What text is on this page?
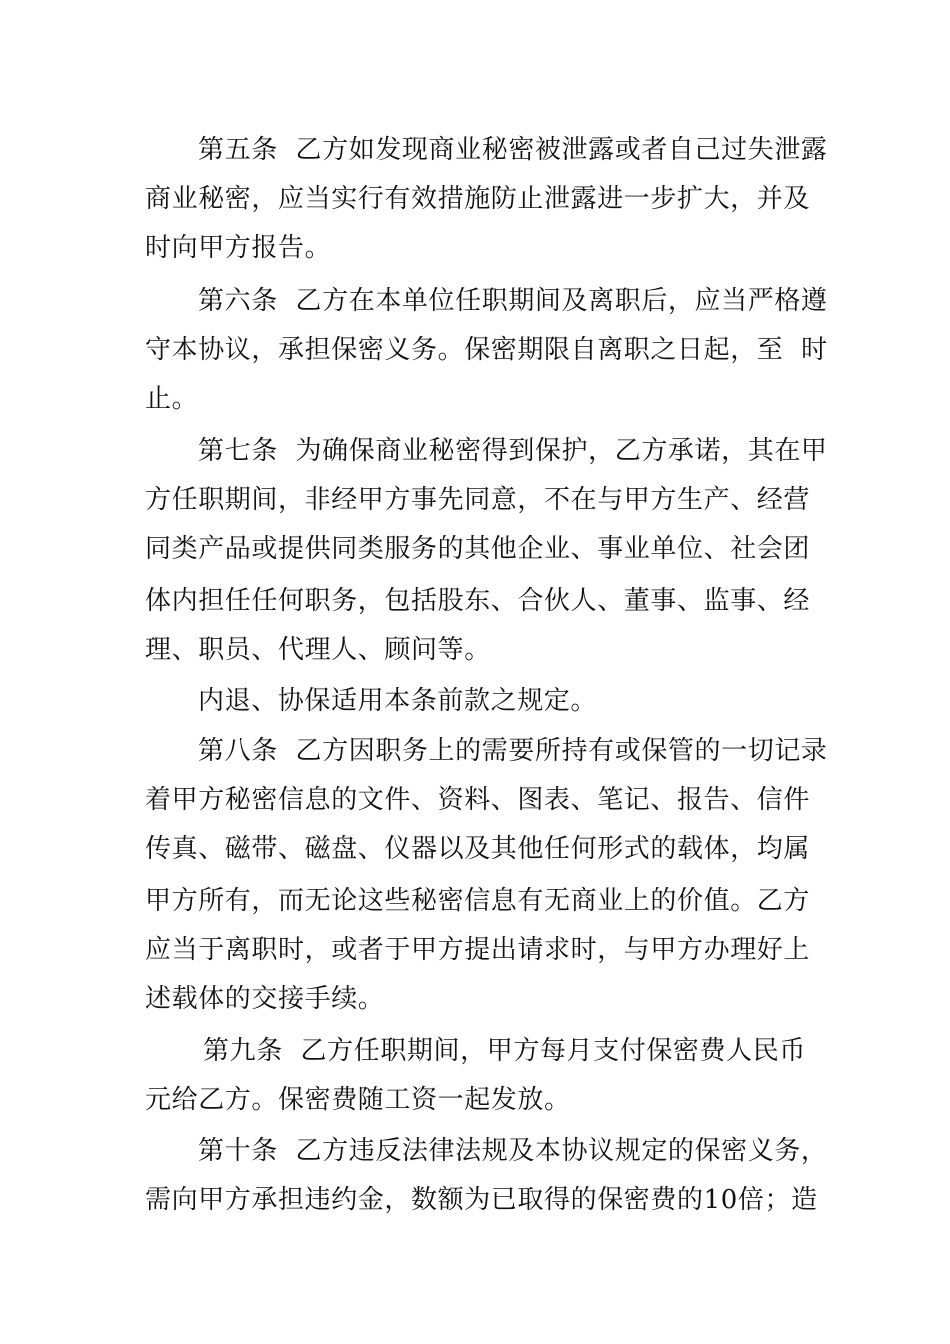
第五条  乙方如发现商业秘密被泄露或者自己过失泄露
商业秘密，应当实行有效措施防止泄露进一步扩大，并及
时向甲方报告。
第六条  乙方在本单位任职期间及离职后，应当严格遵
守本协议，承担保密义务。保密期限自离职之日起，至  时
止。
第七条  为确保商业秘密得到保护，乙方承诺，其在甲
方任职期间，非经甲方事先同意，不在与甲方生产、经营
同类产品或提供同类服务的其他企业、事业单位、社会团
体内担任任何职务，包括股东、合伙人、董事、监事、经
理、职员、代理人、顾问等。
内退、协保适用本条前款之规定。
第八条  乙方因职务上的需要所持有或保管的一切记录
着甲方秘密信息的文件、资料、图表、笔记、报告、信件
传真、磁带、磁盘、仪器以及其他任何形式的载体，均属
甲方所有，而无论这些秘密信息有无商业上的价值。乙方
应当于离职时，或者于甲方提出请求时，与甲方办理好上
述载体的交接手续。
第九条  乙方任职期间，甲方每月支付保密费人民币
元给乙方。保密费随工资一起发放。
第十条  乙方违反法律法规及本协议规定的保密义务，
需向甲方承担违约金，数额为已取得的保密费的10倍；造
